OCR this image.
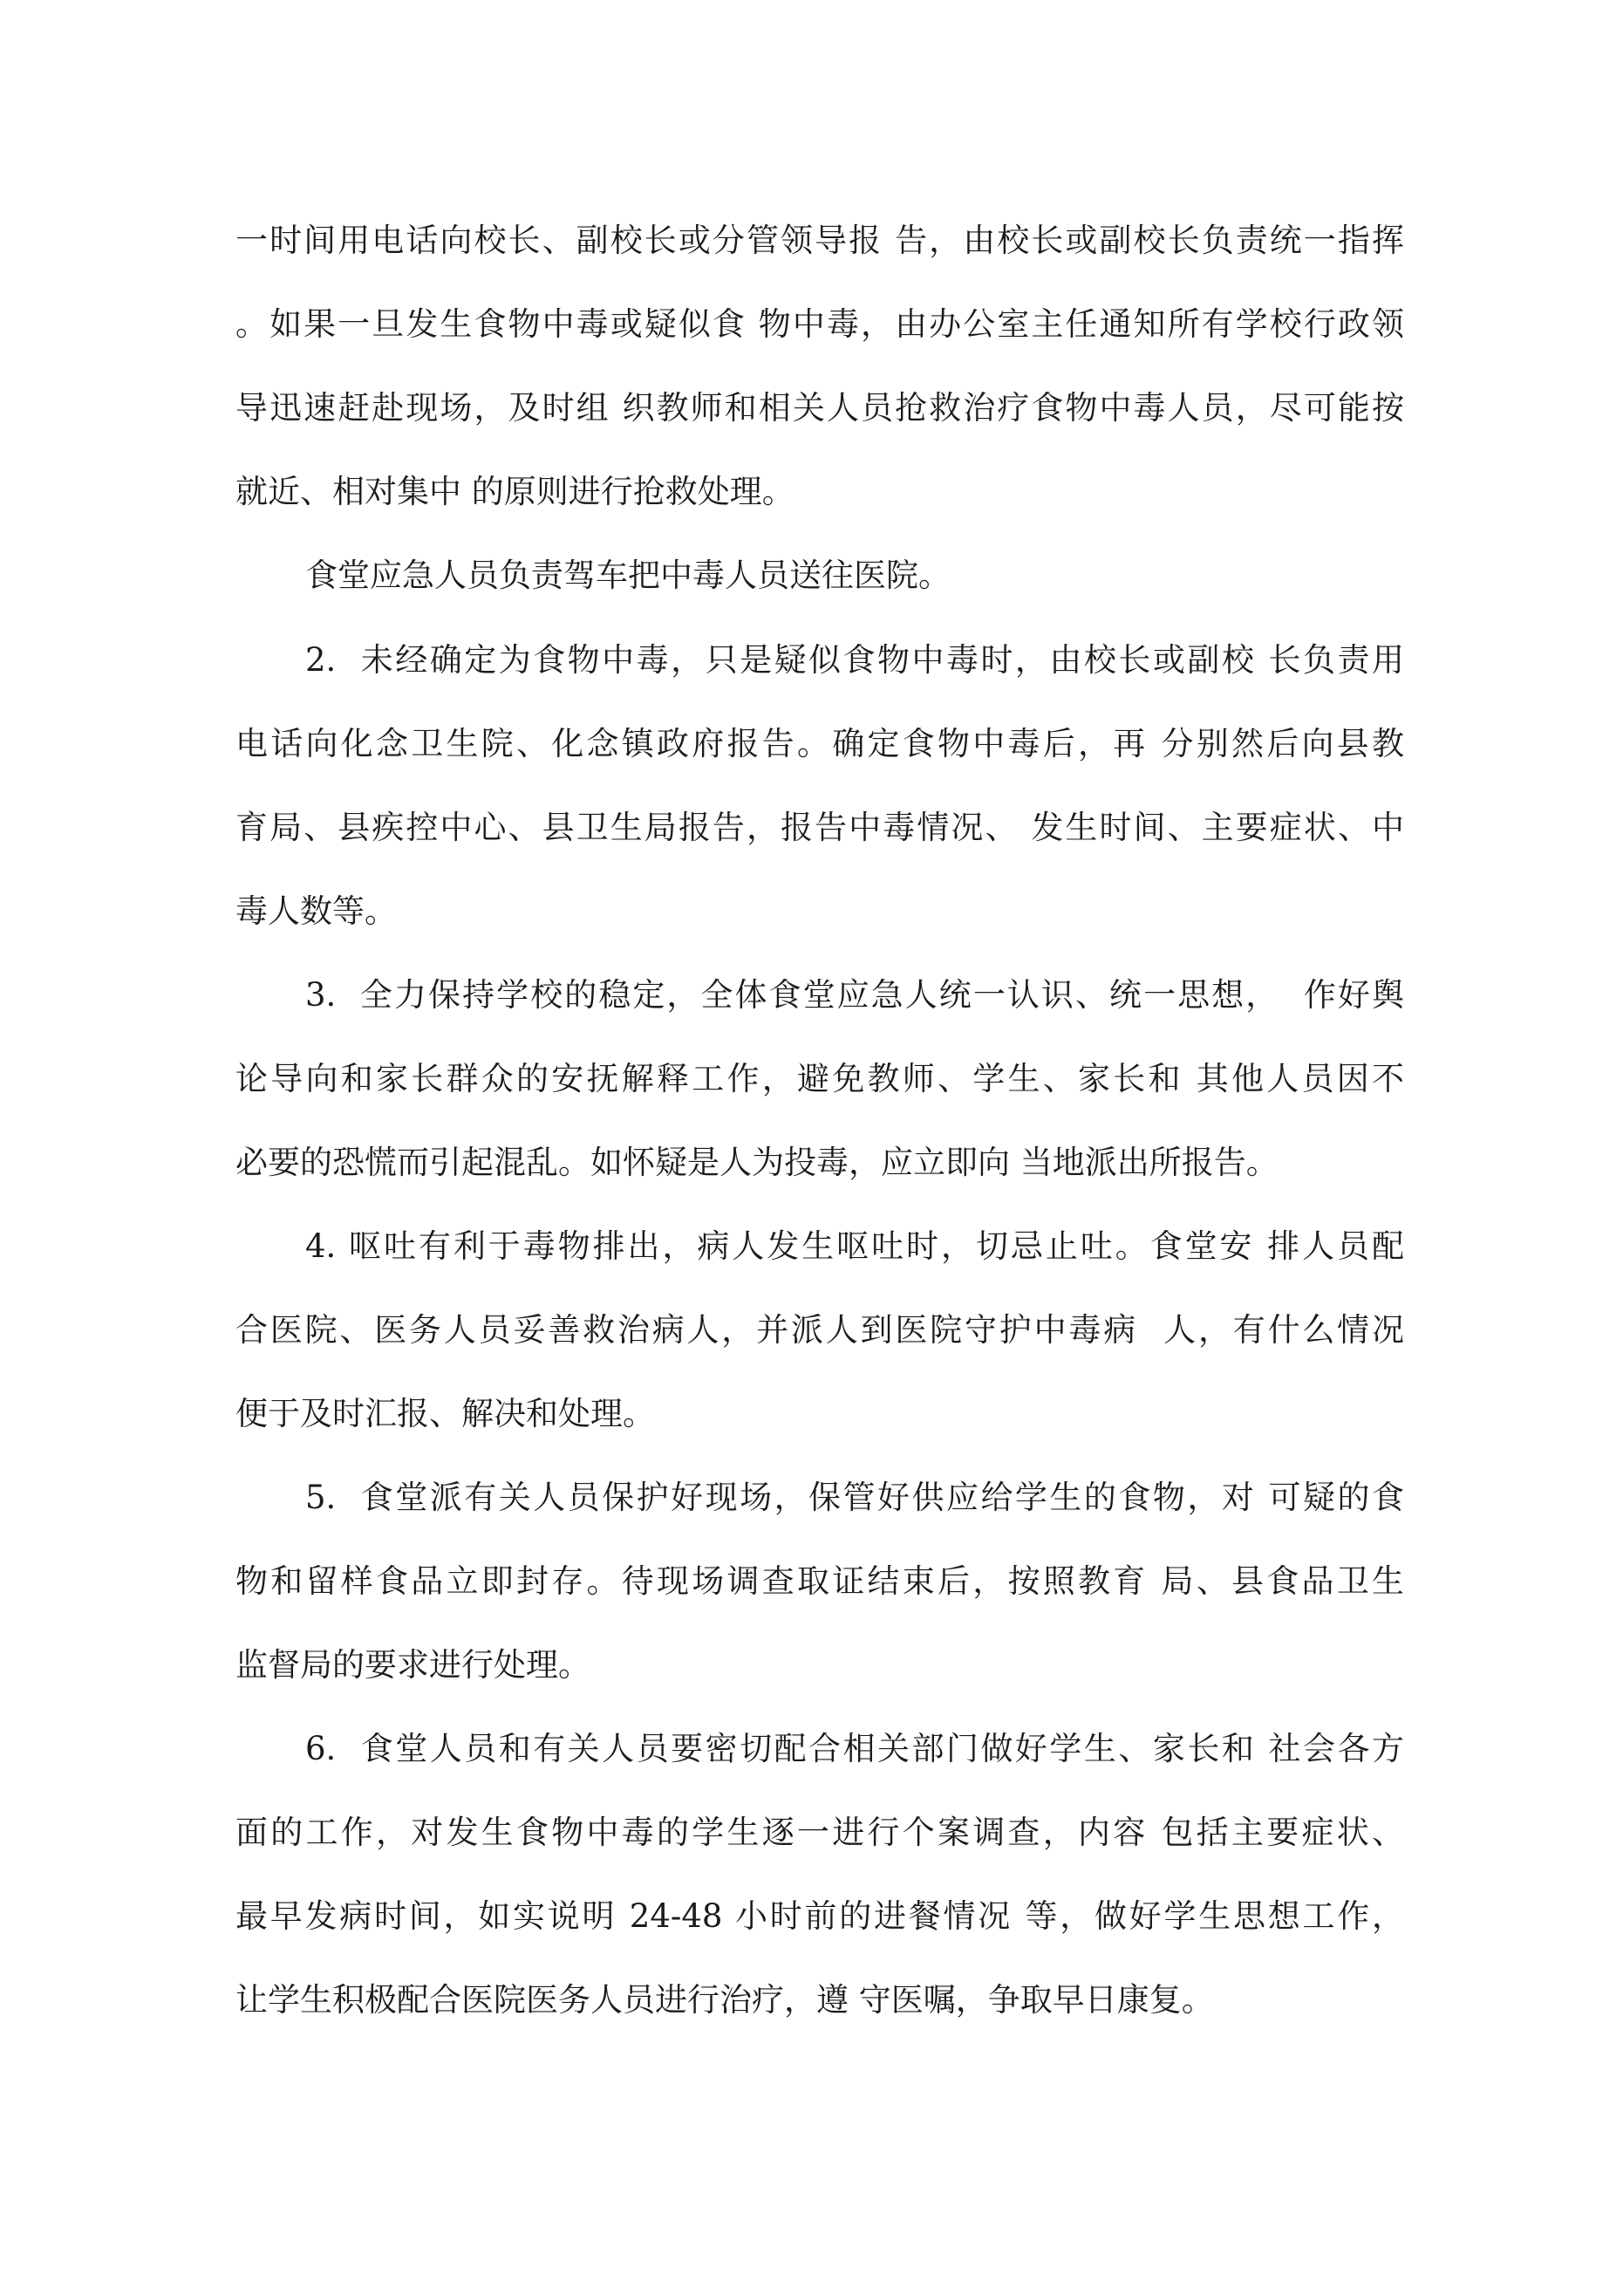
一时间用电话向校长、副校长或分管领导报 告，由校长或副校长负责统一指挥
。如果一旦发生食物中毒或疑似食 物中毒，由办公室主任通知所有学校行政领
导迅速赶赴现场，及时组 织教师和相关人员抢救治疗食物中毒人员，尽可能按
就近、相对集中 的原则进行抢救处理。
食堂应急人员负责驾车把中毒人员送往医院。
2.  未经确定为食物中毒，只是疑似食物中毒时，由校长或副校 长负责用
电话向化念卫生院、化念镇政府报告。确定食物中毒后，再 分别然后向县教
育局、县疾控中心、县卫生局报告，报告中毒情况、 发生时间、主要症状、中
毒人数等。
3.  全力保持学校的稳定，全体食堂应急人统一认识、统一思想，  作好舆
论导向和家长群众的安抚解释工作，避免教师、学生、家长和 其他人员因不
必要的恐慌而引起混乱。如怀疑是人为投毒，应立即向 当地派出所报告。
4. 呕吐有利于毒物排出，病人发生呕吐时，切忌止吐。食堂安 排人员配
合医院、医务人员妥善救治病人，并派人到医院守护中毒病  人，有什么情况
便于及时汇报、解决和处理。
5.  食堂派有关人员保护好现场，保管好供应给学生的食物，对 可疑的食
物和留样食品立即封存。待现场调查取证结束后，按照教育 局、县食品卫生
监督局的要求进行处理。
6.  食堂人员和有关人员要密切配合相关部门做好学生、家长和 社会各方
面的工作，对发生食物中毒的学生逐一进行个案调查，内容 包括主要症状、
最早发病时间，如实说明 24-48 小时前的进餐情况 等，做好学生思想工作，
让学生积极配合医院医务人员进行治疗，遵 守医嘱，争取早日康复。
